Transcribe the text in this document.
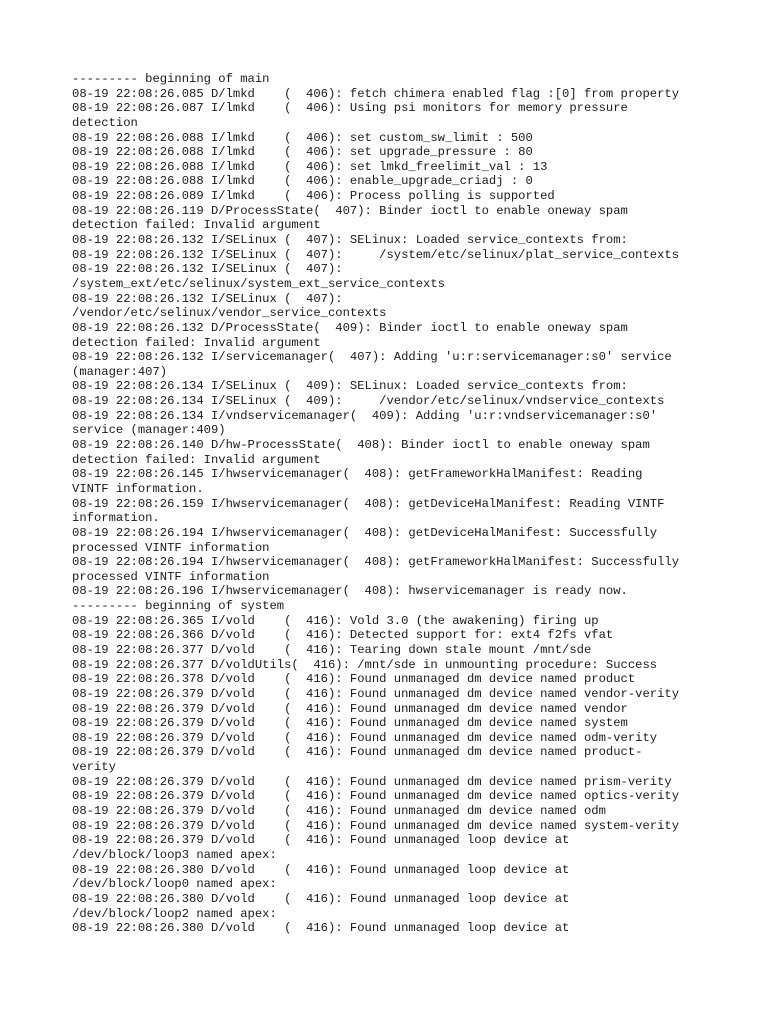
--------- beginning of main
08-19 22:08:26.085 D/lmkd    (  406): fetch chimera enabled flag :[0] from property
08-19 22:08:26.087 I/lmkd    (  406): Using psi monitors for memory pressure
detection
08-19 22:08:26.088 I/lmkd    (  406): set custom_sw_limit : 500
08-19 22:08:26.088 I/lmkd    (  406): set upgrade_pressure : 80
08-19 22:08:26.088 I/lmkd    (  406): set lmkd_freelimit_val : 13
08-19 22:08:26.088 I/lmkd    (  406): enable_upgrade_criadj : 0
08-19 22:08:26.089 I/lmkd    (  406): Process polling is supported
08-19 22:08:26.119 D/ProcessState(  407): Binder ioctl to enable oneway spam
detection failed: Invalid argument
08-19 22:08:26.132 I/SELinux (  407): SELinux: Loaded service_contexts from:
08-19 22:08:26.132 I/SELinux (  407):     /system/etc/selinux/plat_service_contexts
08-19 22:08:26.132 I/SELinux (  407):
/system_ext/etc/selinux/system_ext_service_contexts
08-19 22:08:26.132 I/SELinux (  407):
/vendor/etc/selinux/vendor_service_contexts
08-19 22:08:26.132 D/ProcessState(  409): Binder ioctl to enable oneway spam
detection failed: Invalid argument
08-19 22:08:26.132 I/servicemanager(  407): Adding 'u:r:servicemanager:s0' service
(manager:407)
08-19 22:08:26.134 I/SELinux (  409): SELinux: Loaded service_contexts from:
08-19 22:08:26.134 I/SELinux (  409):     /vendor/etc/selinux/vndservice_contexts
08-19 22:08:26.134 I/vndservicemanager(  409): Adding 'u:r:vndservicemanager:s0'
service (manager:409)
08-19 22:08:26.140 D/hw-ProcessState(  408): Binder ioctl to enable oneway spam
detection failed: Invalid argument
08-19 22:08:26.145 I/hwservicemanager(  408): getFrameworkHalManifest: Reading
VINTF information.
08-19 22:08:26.159 I/hwservicemanager(  408): getDeviceHalManifest: Reading VINTF
information.
08-19 22:08:26.194 I/hwservicemanager(  408): getDeviceHalManifest: Successfully
processed VINTF information
08-19 22:08:26.194 I/hwservicemanager(  408): getFrameworkHalManifest: Successfully
processed VINTF information
08-19 22:08:26.196 I/hwservicemanager(  408): hwservicemanager is ready now.
--------- beginning of system
08-19 22:08:26.365 I/vold    (  416): Vold 3.0 (the awakening) firing up
08-19 22:08:26.366 D/vold    (  416): Detected support for: ext4 f2fs vfat
08-19 22:08:26.377 D/vold    (  416): Tearing down stale mount /mnt/sde
08-19 22:08:26.377 D/voldUtils(  416): /mnt/sde in unmounting procedure: Success
08-19 22:08:26.378 D/vold    (  416): Found unmanaged dm device named product
08-19 22:08:26.379 D/vold    (  416): Found unmanaged dm device named vendor-verity
08-19 22:08:26.379 D/vold    (  416): Found unmanaged dm device named vendor
08-19 22:08:26.379 D/vold    (  416): Found unmanaged dm device named system
08-19 22:08:26.379 D/vold    (  416): Found unmanaged dm device named odm-verity
08-19 22:08:26.379 D/vold    (  416): Found unmanaged dm device named product-
verity
08-19 22:08:26.379 D/vold    (  416): Found unmanaged dm device named prism-verity
08-19 22:08:26.379 D/vold    (  416): Found unmanaged dm device named optics-verity
08-19 22:08:26.379 D/vold    (  416): Found unmanaged dm device named odm
08-19 22:08:26.379 D/vold    (  416): Found unmanaged dm device named system-verity
08-19 22:08:26.379 D/vold    (  416): Found unmanaged loop device at
/dev/block/loop3 named apex:
08-19 22:08:26.380 D/vold    (  416): Found unmanaged loop device at
/dev/block/loop0 named apex:
08-19 22:08:26.380 D/vold    (  416): Found unmanaged loop device at
/dev/block/loop2 named apex:
08-19 22:08:26.380 D/vold    (  416): Found unmanaged loop device at
